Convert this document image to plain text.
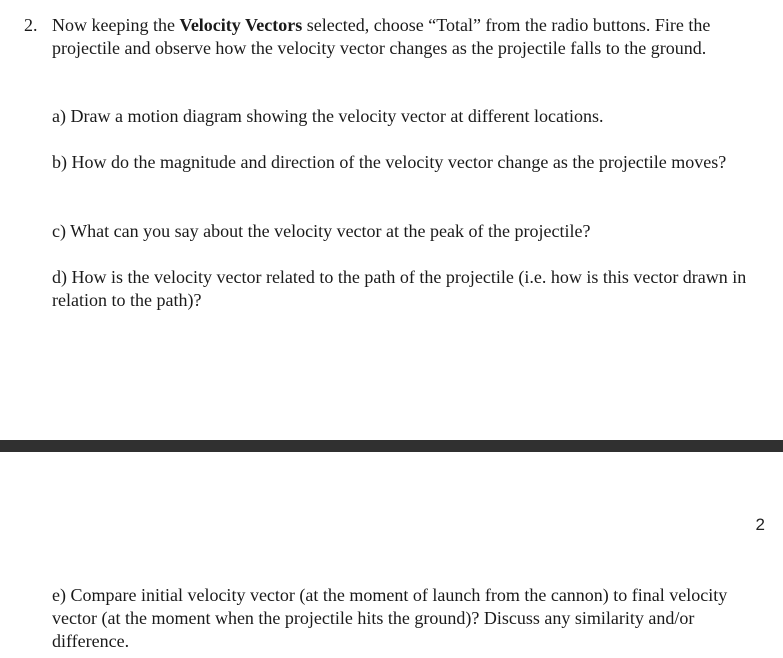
2. Now keeping the Velocity Vectors selected, choose “Total” from the radio buttons. Fire the projectile and observe how the velocity vector changes as the projectile falls to the ground.
a) Draw a motion diagram showing the velocity vector at different locations.
b) How do the magnitude and direction of the velocity vector change as the projectile moves?
c) What can you say about the velocity vector at the peak of the projectile?
d) How is the velocity vector related to the path of the projectile (i.e. how is this vector drawn in relation to the path)?
2
e) Compare initial velocity vector (at the moment of launch from the cannon) to final velocity vector (at the moment when the projectile hits the ground)? Discuss any similarity and/or difference.
